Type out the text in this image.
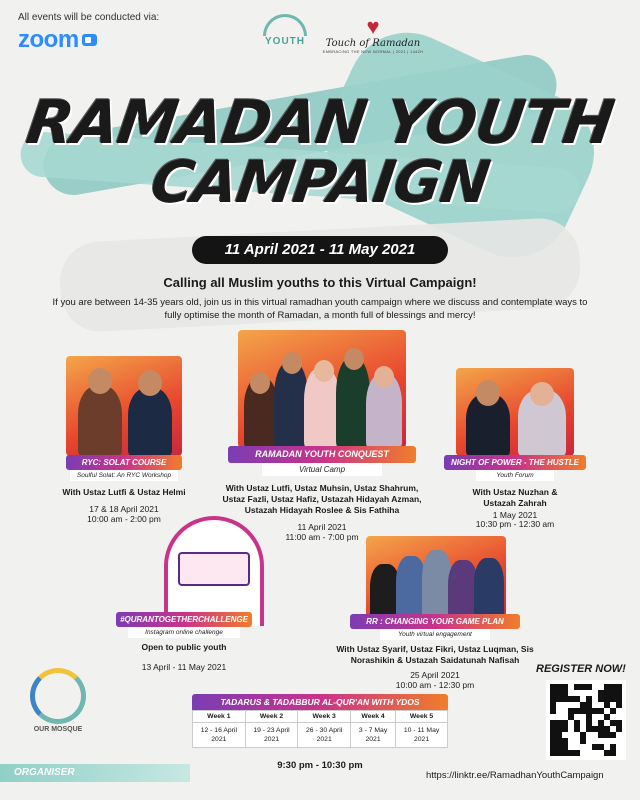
All events will be conducted via:
zoom	YOUTH
♥
Touch of Ramadan
EMBRACING THE NEW NORMAL | 2021 | 1442H
RAMADAN YOUTH
CAMPAIGN
11 April 2021 - 11 May 2021
Calling all Muslim youths to this Virtual Campaign!
If you are between 14-35 years old, join us in this virtual ramadhan youth campaign where we discuss and contemplate ways to fully optimise the month of Ramadan, a month full of blessings and mercy!
RYC: SOLAT COURSE
Soulful Solat: An RYC Workshop
With Ustaz Lutfi & Ustaz Helmi
17 & 18 April 2021
10:00 am - 2:00 pm
RAMADAN YOUTH CONQUEST
Virtual Camp
With Ustaz Lutfi, Ustaz Muhsin, Ustaz Shahrum, Ustaz Fazli, Ustaz Hafiz, Ustazah Hidayah Azman, Ustazah Hidayah Roslee & Sis Fathiha
11 April 2021
11:00 am - 7:00 pm
NIGHT OF POWER - THE HUSTLE
Youth Forum
With Ustaz Nuzhan & Ustazah Zahrah
1 May 2021
10:30 pm - 12:30 am
#QURANTOGETHERCHALLENGE
Instagram online challenge
Open to public youth
13 April - 11 May 2021
RR : CHANGING YOUR GAME PLAN
Youth virtual engagement
With Ustaz Syarif, Ustaz Fikri, Ustaz Luqman, Sis Norashikin & Ustazah Saidatunah Nafisah
25 April 2021
10:00 am - 12:30 pm
TADARUS & TADABBUR AL-QUR'AN WITH YDOS
Week 1	Week 2	Week 3	Week 4	Week 5
12 - 16 April 2021	19 - 23 April 2021	26 - 30 April 2021	3 - 7 May 2021	10 - 11 May 2021
9:30 pm - 10:30 pm
REGISTER NOW!
https://linktr.ee/RamadhanYouthCampaign
OUR MOSQUE
ORGANISER
